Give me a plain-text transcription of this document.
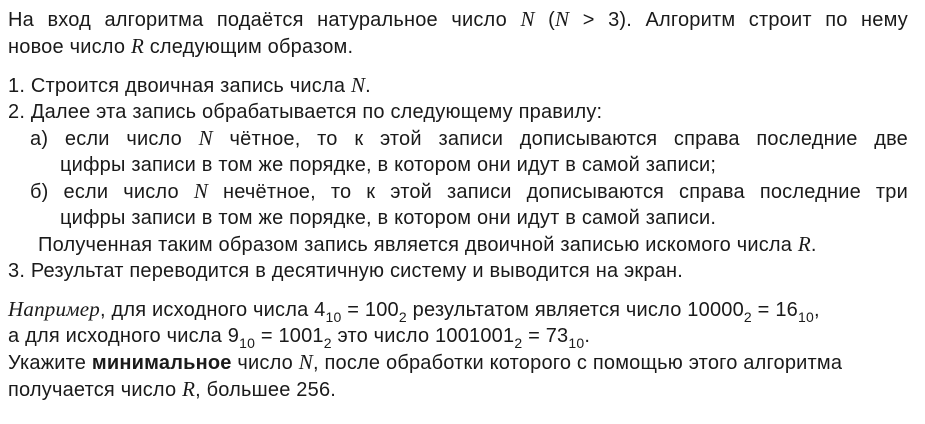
На вход алгоритма подаётся натуральное число N (N > 3). Алгоритм строит по нему
новое число R следующим образом.
1. Строится двоичная запись числа N.
2. Далее эта запись обрабатывается по следующему правилу:
а) если число N чётное, то к этой записи дописываются справа последние две
цифры записи в том же порядке, в котором они идут в самой записи;
б) если число N нечётное, то к этой записи дописываются справа последние три
цифры записи в том же порядке, в котором они идут в самой записи.
Полученная таким образом запись является двоичной записью искомого числа R.
3. Результат переводится в десятичную систему и выводится на экран.
Например, для исходного числа $4_{10} = 100_2$ результатом является число $10000_2 = 16_{10}$,
а для исходного числа $9_{10} = 1001_2$ это число $1001001_2 = 73_{10}$.
Укажите минимальное число N, после обработки которого с помощью этого алгоритма
получается число R, большее 256.
